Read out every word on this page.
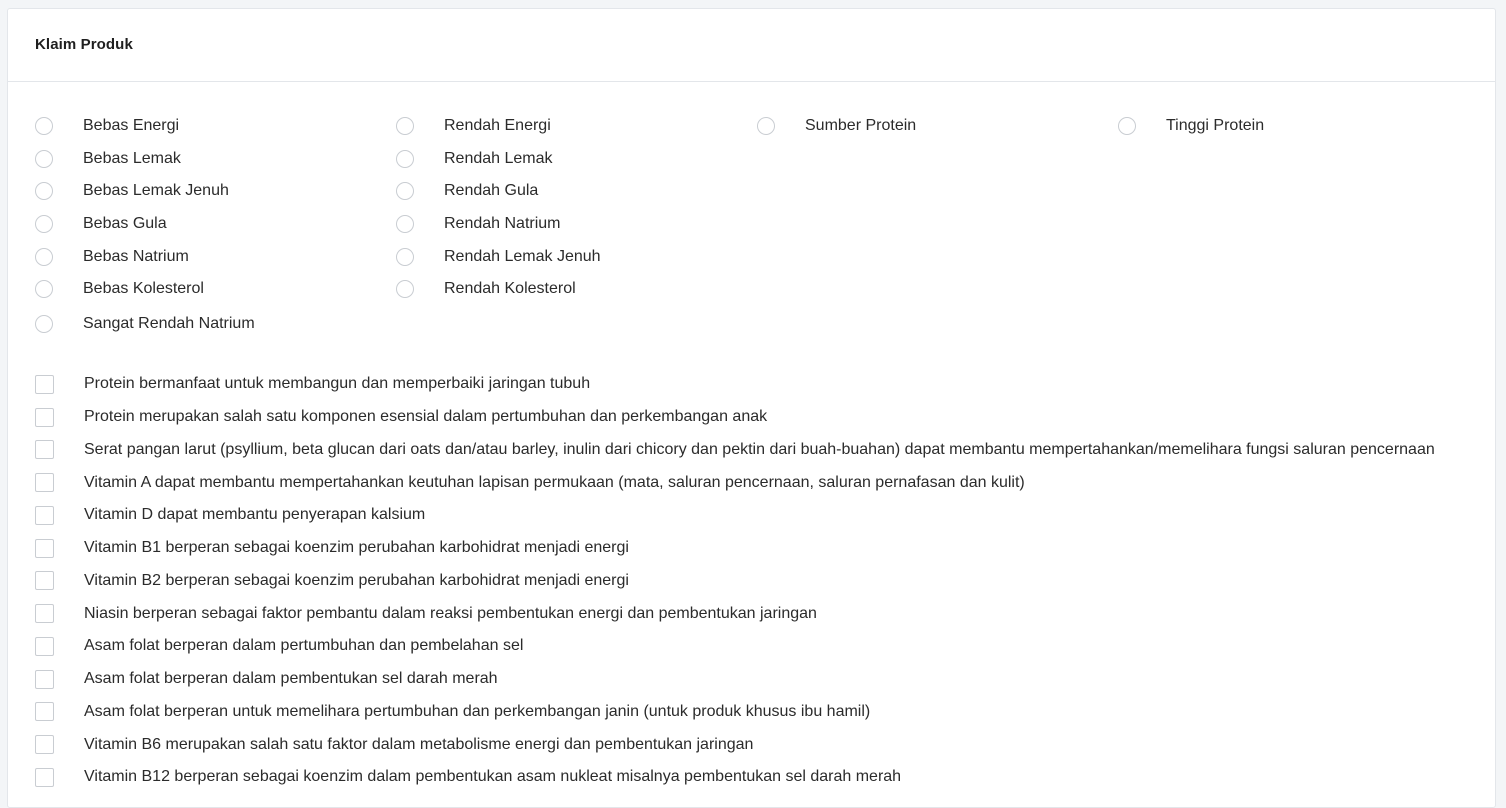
Klaim Produk
Bebas Energi
Bebas Lemak
Bebas Lemak Jenuh
Bebas Gula
Bebas Natrium
Bebas Kolesterol
Rendah Energi
Rendah Lemak
Rendah Gula
Rendah Natrium
Rendah Lemak Jenuh
Rendah Kolesterol
Sumber Protein	Tinggi Protein
Sangat Rendah Natrium
Protein bermanfaat untuk membangun dan memperbaiki jaringan tubuh
Protein merupakan salah satu komponen esensial dalam pertumbuhan dan perkembangan anak
Serat pangan larut (psyllium, beta glucan dari oats dan/atau barley, inulin dari chicory dan pektin dari buah-buahan) dapat membantu mempertahankan/memelihara fungsi saluran pencernaan
Vitamin A dapat membantu mempertahankan keutuhan lapisan permukaan (mata, saluran pencernaan, saluran pernafasan dan kulit)
Vitamin D dapat membantu penyerapan kalsium
Vitamin B1 berperan sebagai koenzim perubahan karbohidrat menjadi energi
Vitamin B2 berperan sebagai koenzim perubahan karbohidrat menjadi energi
Niasin berperan sebagai faktor pembantu dalam reaksi pembentukan energi dan pembentukan jaringan
Asam folat berperan dalam pertumbuhan dan pembelahan sel
Asam folat berperan dalam pembentukan sel darah merah
Asam folat berperan untuk memelihara pertumbuhan dan perkembangan janin (untuk produk khusus ibu hamil)
Vitamin B6 merupakan salah satu faktor dalam metabolisme energi dan pembentukan jaringan
Vitamin B12 berperan sebagai koenzim dalam pembentukan asam nukleat misalnya pembentukan sel darah merah
